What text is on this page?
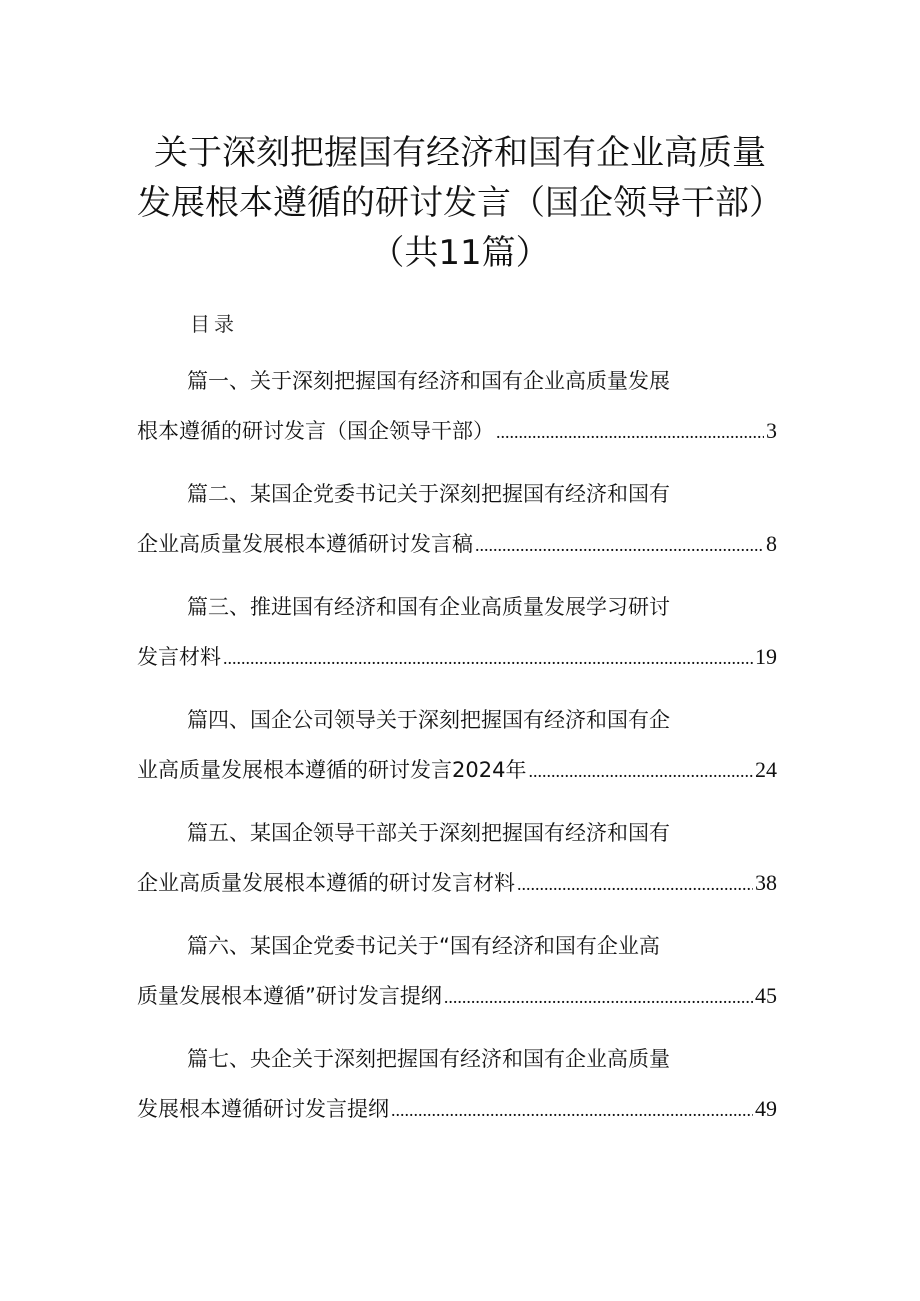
关于深刻把握国有经济和国有企业高质量
发展根本遵循的研讨发言（国企领导干部）
（共11篇）
目录
篇一、关于深刻把握国有经济和国有企业高质量发展
根本遵循的研讨发言（国企领导干部） .....	3
篇二、某国企党委书记关于深刻把握国有经济和国有
企业高质量发展根本遵循研讨发言稿 .....	8
篇三、推进国有经济和国有企业高质量发展学习研讨
发言材料 .....	19
篇四、国企公司领导关于深刻把握国有经济和国有企
业高质量发展根本遵循的研讨发言2024年 .....	24
篇五、某国企领导干部关于深刻把握国有经济和国有
企业高质量发展根本遵循的研讨发言材料 .....	38
篇六、某国企党委书记关于“国有经济和国有企业高
质量发展根本遵循”研讨发言提纲 .....	45
篇七、央企关于深刻把握国有经济和国有企业高质量
发展根本遵循研讨发言提纲 .....	49
